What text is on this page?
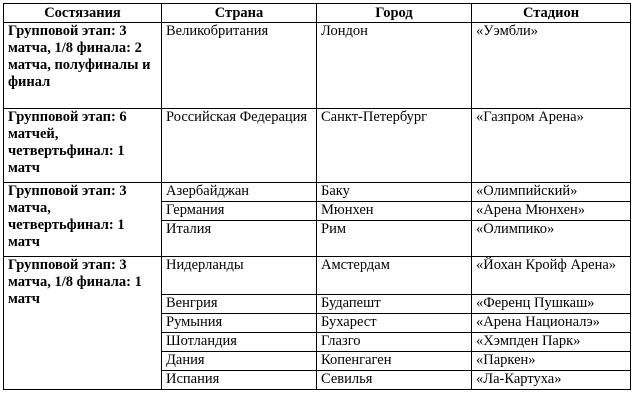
Состязания	Страна	Город	Стадион
Групповой этап: 3 матча, 1/8 финала: 2 матча, полуфиналы и финал	Великобритания	Лондон	«Уэмбли»
Групповой этап: 6 матчей, четвертьфинал: 1 матч	Российская Федерация	Санкт-Петербург	«Газпром Арена»
Групповой этап: 3 матча, четвертьфинал: 1 матч	Азербайджан	Баку	«Олимпийский»
	Германия	Мюнхен	«Арена Мюнхен»
	Италия	Рим	«Олимпико»
Групповой этап: 3 матча, 1/8 финала: 1 матч	Нидерланды	Амстердам	«Йохан Кройф Арена»
	Венгрия	Будапешт	«Ференц Пушкаш»
	Румыния	Бухарест	«Арена Националэ»
	Шотландия	Глазго	«Хэмпден Парк»
	Дания	Копенгаген	«Паркен»
	Испания	Севилья	«Ла-Картуха»
